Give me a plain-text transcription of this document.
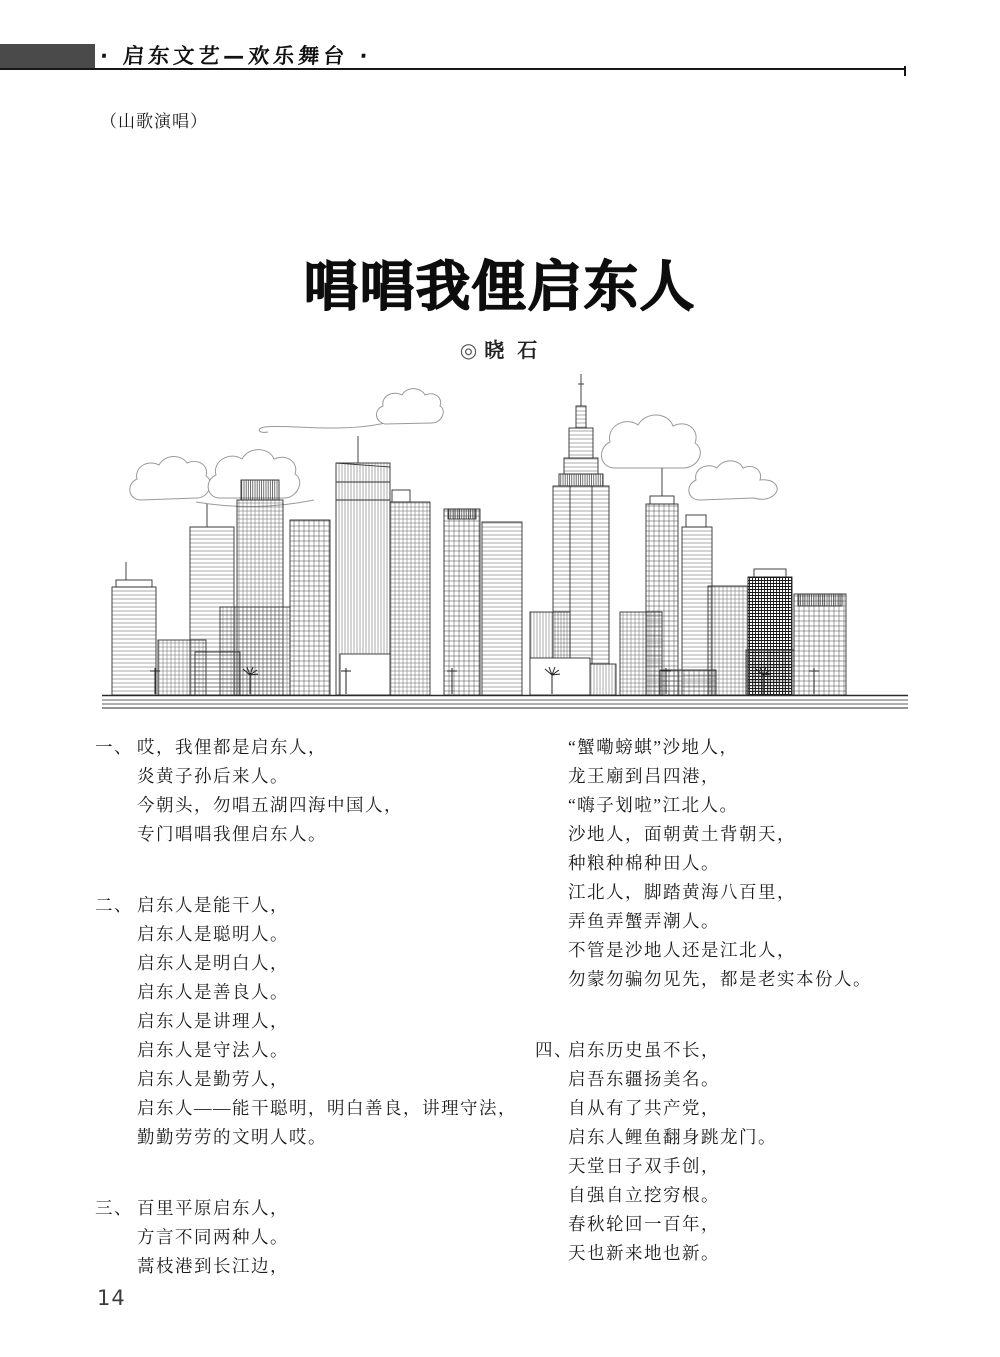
· 启东文艺—欢乐舞台 ·
（山歌演唱）
唱唱我俚启东人
◎ 晓 石
一、 哎，我俚都是启东人，
炎黄子孙后来人。
今朝头，勿唱五湖四海中国人，
专门唱唱我俚启东人。
二、 启东人是能干人，
启东人是聪明人。
启东人是明白人，
启东人是善良人。
启东人是讲理人，
启东人是守法人。
启东人是勤劳人，
启东人——能干聪明，明白善良，讲理守法，
勤勤劳劳的文明人哎。
三、 百里平原启东人，
方言不同两种人。
蒿枝港到长江边，
“蟹嘞螃蜞”沙地人，
龙王廟到吕四港，
“嗨子划啦”江北人。
沙地人，面朝黄土背朝天，
种粮种棉种田人。
江北人，脚踏黄海八百里，
弄鱼弄蟹弄潮人。
不管是沙地人还是江北人，
勿蒙勿骗勿见先，都是老实本份人。
四、
启东历史虽不长，
启吾东疆扬美名。
自从有了共产党，
启东人鲤鱼翻身跳龙门。
天堂日子双手创，
自强自立挖穷根。
春秋轮回一百年，
天也新来地也新。
14
